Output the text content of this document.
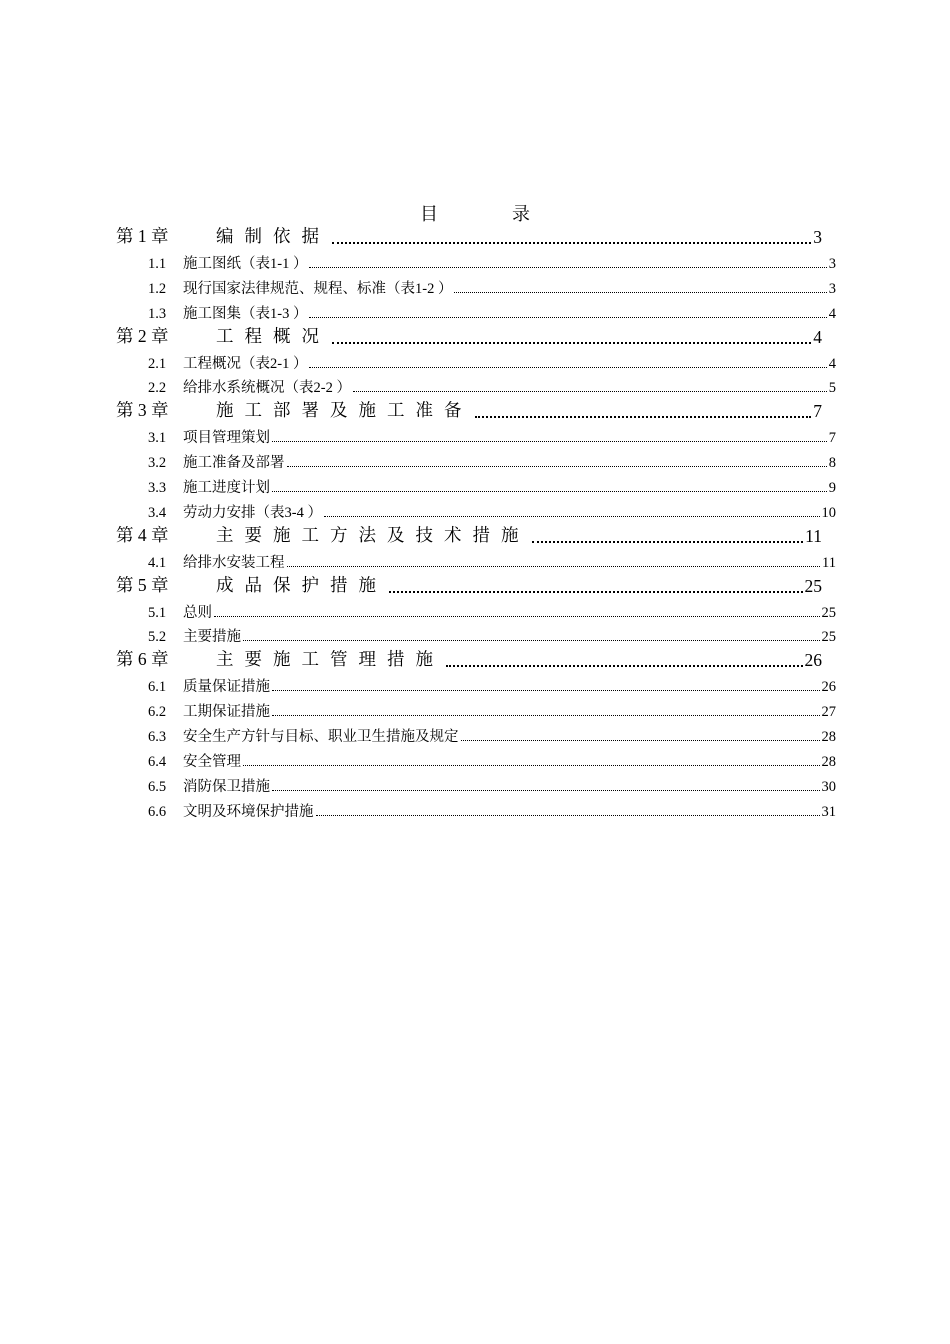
目　录
第 1 章	编制依据	3
1.1	施工图纸（表1-1 ）	3
1.2	现行国家法律规范、规程、标准（表1-2 ）	3
1.3	施工图集（表1-3 ）	4
第 2 章	工程概况	4
2.1	工程概况（表2-1 ）	4
2.2	给排水系统概况（表2-2 ）	5
第 3 章	施工部署及施工准备	7
3.1	项目管理策划	7
3.2	施工准备及部署	8
3.3	施工进度计划	9
3.4	劳动力安排（表3-4 ）	10
第 4 章	主要施工方法及技术措施	11
4.1	给排水安装工程	11
第 5 章	成品保护措施	25
5.1	总则	25
5.2	主要措施	25
第 6 章	主要施工管理措施	26
6.1	质量保证措施	26
6.2	工期保证措施	27
6.3	安全生产方针与目标、职业卫生措施及规定	28
6.4	安全管理	28
6.5	消防保卫措施	30
6.6	文明及环境保护措施	31
